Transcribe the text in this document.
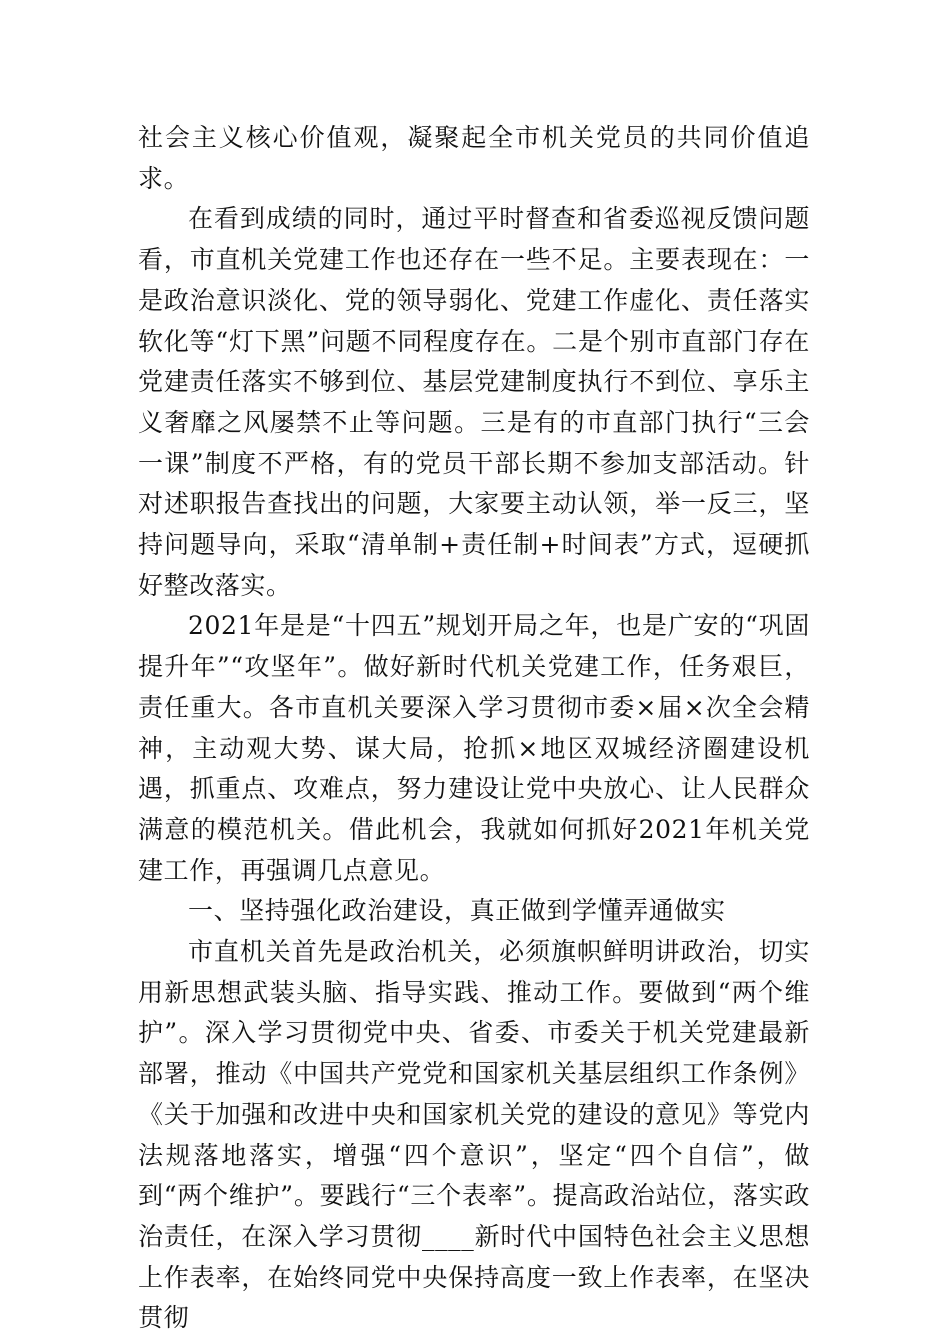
社会主义核心价值观，凝聚起全市机关党员的共同价值追求。

在看到成绩的同时，通过平时督查和省委巡视反馈问题看，市直机关党建工作也还存在一些不足。主要表现在：一是政治意识淡化、党的领导弱化、党建工作虚化、责任落实软化等“灯下黑”问题不同程度存在。二是个别市直部门存在党建责任落实不够到位、基层党建制度执行不到位、享乐主义奢靡之风屡禁不止等问题。三是有的市直部门执行“三会一课”制度不严格，有的党员干部长期不参加支部活动。针对述职报告查找出的问题，大家要主动认领，举一反三，坚持问题导向，采取“清单制+责任制+时间表”方式，逗硬抓好整改落实。

2021年是是“十四五”规划开局之年，也是广安的“巩固提升年”“攻坚年”。做好新时代机关党建工作，任务艰巨，责任重大。各市直机关要深入学习贯彻市委×届×次全会精神，主动观大势、谋大局，抢抓×地区双城经济圈建设机遇，抓重点、攻难点，努力建设让党中央放心、让人民群众满意的模范机关。借此机会，我就如何抓好2021年机关党建工作，再强调几点意见。

一、坚持强化政治建设，真正做到学懂弄通做实

市直机关首先是政治机关，必须旗帜鲜明讲政治，切实用新思想武装头脑、指导实践、推动工作。要做到“两个维护”。深入学习贯彻党中央、省委、市委关于机关党建最新部署，推动《中国共产党党和国家机关基层组织工作条例》《关于加强和改进中央和国家机关党的建设的意见》等党内法规落地落实，增强“四个意识”，坚定“四个自信”，做到“两个维护”。要践行“三个表率”。提高政治站位，落实政治责任，在深入学习贯彻____新时代中国特色社会主义思想上作表率，在始终同党中央保持高度一致上作表率，在坚决贯彻
